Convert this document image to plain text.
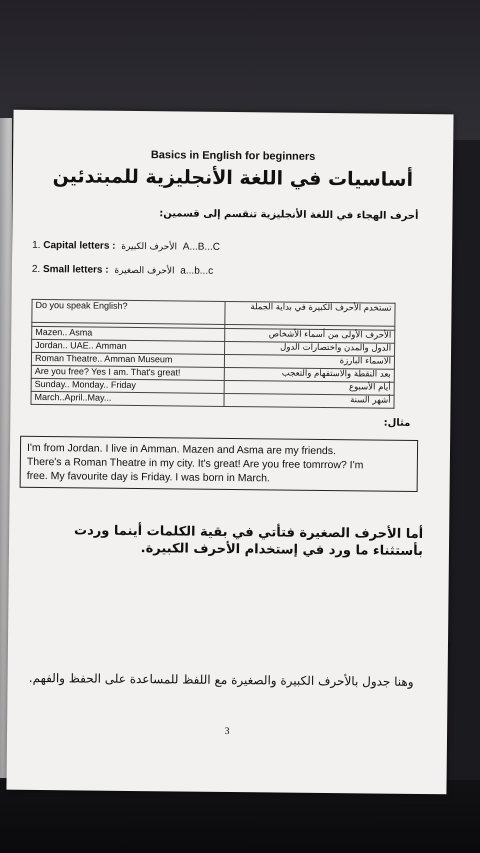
Basics in English for beginners
أساسيات في اللغة الأنجليزية للمبتدئين
أحرف الهجاء في اللغة الأنجليزية تنقسم إلى قسمين:
1. Capital letters : الأحرف الكبيرة A...B...C
2. Small letters : الأحرف الصغيرة a...b...c
Do you speak English?	تستخدم الأحرف الكبيرة في بداية الجملة

Mazen.. Asma	الأحرف الأولى من أسماء الأشخاص
Jordan.. UAE.. Amman	الدول والمدن واختصارات الدول
Roman Theatre.. Amman Museum	الاسماء البارزة
Are you free? Yes I am. That's great!	بعد النقطة والاستفهام والتعجب
Sunday.. Monday.. Friday	أيام الأسبوع
March..April..May...	أشهر السنة
مثال:
I'm from Jordan. I live in Amman. Mazen and Asma are my friends.
There's a Roman Theatre in my city. It's great! Are you free tomrrow? I'm
free. My favourite day is Friday. I was born in March.
أما الأحرف الصغيرة فتأتي في بقية الكلمات أينما وردت بأستثناء ما ورد في إستخدام الأحرف الكبيرة.
وهنا جدول بالأحرف الكبيرة والصغيرة مع اللفظ للمساعدة على الحفظ والفهم.
3
